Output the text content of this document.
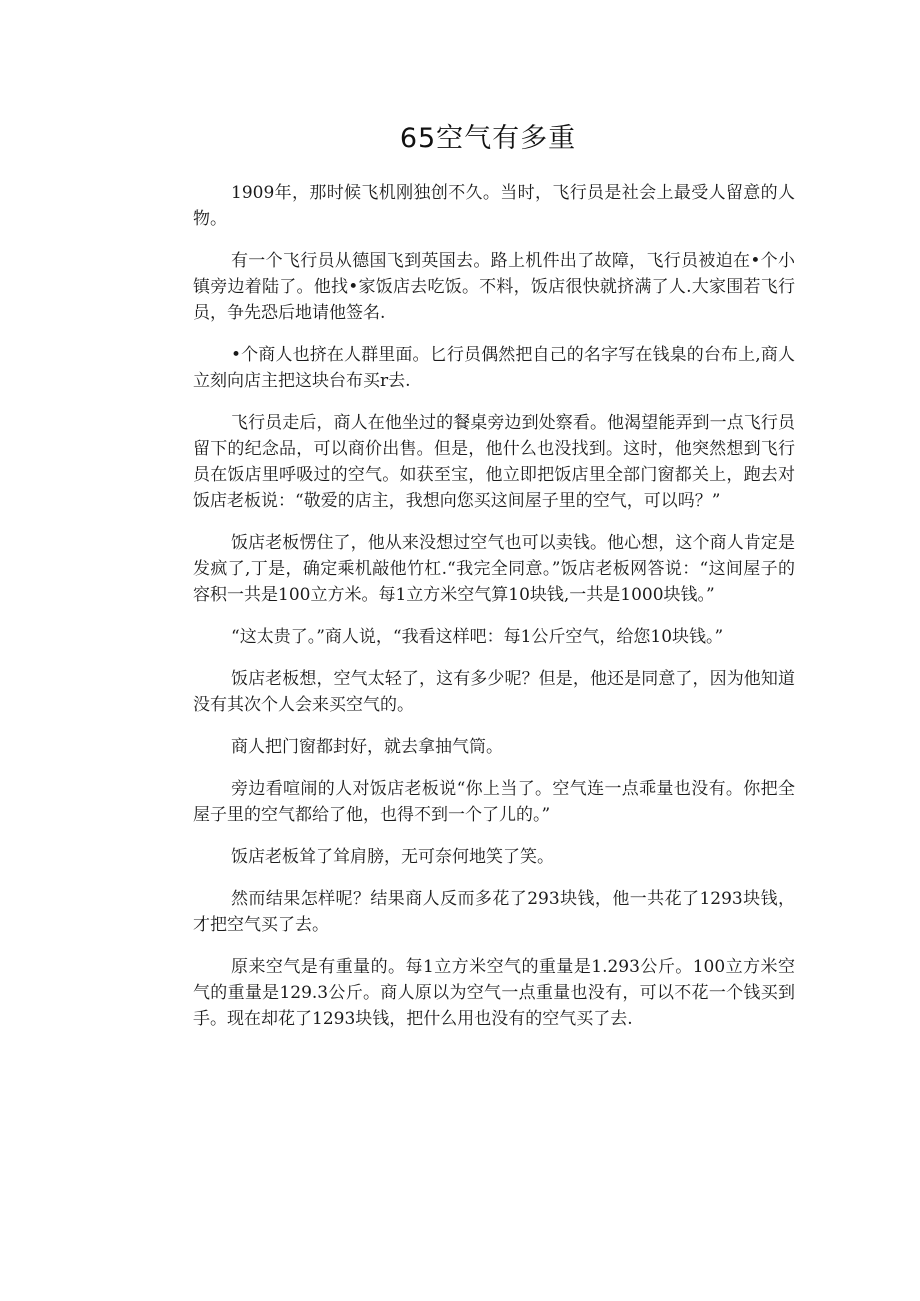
65空气有多重

1909年，那时候飞机刚独创不久。当时，飞行员是社会上最受人留意的人物。

有一个飞行员从德国飞到英国去。路上机件出了故障，飞行员被迫在•个小镇旁边着陆了。他找•家饭店去吃饭。不料，饭店很快就挤满了人.大家围若飞行员，争先恐后地请他签名.

•个商人也挤在人群里面。匕行员偶然把自己的名字写在钱臬的台布上,商人立刻向店主把这块台布买r去.

飞行员走后，商人在他坐过的餐桌旁边到处察看。他渴望能弄到一点飞行员留下的纪念品，可以商价出售。但是，他什么也没找到。这时，他突然想到飞行员在饭店里呼吸过的空气。如获至宝，他立即把饭店里全部门窗都关上，跑去对饭店老板说：“敬爱的店主，我想向您买这间屋子里的空气，可以吗？”

饭店老板愣住了，他从来没想过空气也可以卖钱。他心想，这个商人肯定是发疯了,丁是，确定乘机敲他竹杠.“我完全同意。”饭店老板网答说：“这间屋子的容积一共是100立方米。每1立方米空气算10块钱,一共是1000块钱。”

“这太贵了。”商人说，“我看这样吧：每1公斤空气，给您10块钱。”

饭店老板想，空气太轻了，这有多少呢？但是，他还是同意了，因为他知道没有其次个人会来买空气的。

商人把门窗都封好，就去拿抽气筒。

旁边看喧闹的人对饭店老板说“你上当了。空气连一点乖量也没有。你把全屋子里的空气都给了他，也得不到一个了儿的。”

饭店老板耸了耸肩膀，无可奈何地笑了笑。

然而结果怎样呢？结果商人反而多花了293块钱，他一共花了1293块钱，才把空气买了去。

原来空气是有重量的。每1立方米空气的重量是1.293公斤。100立方米空气的重量是129.3公斤。商人原以为空气一点重量也没有，可以不花一个钱买到手。现在却花了1293块钱，把什么用也没有的空气买了去.
